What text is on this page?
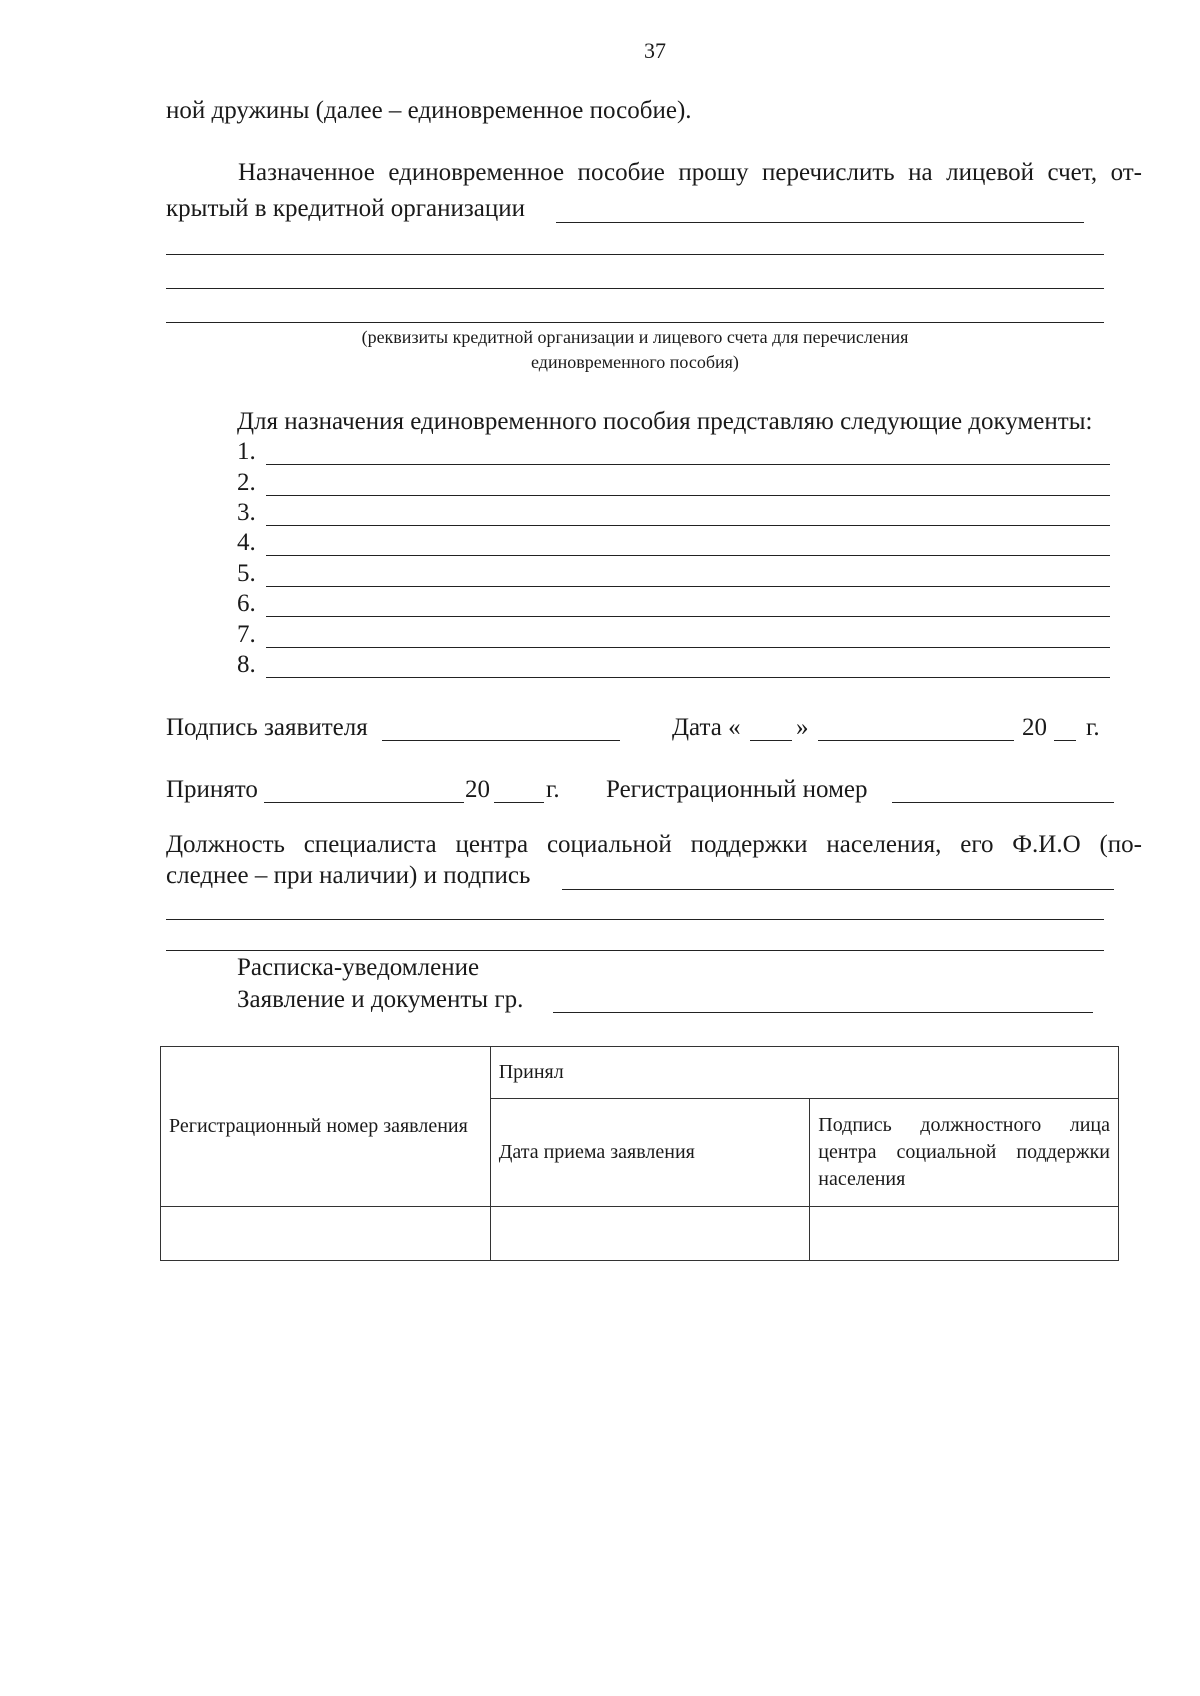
37
ной дружины (далее – единовременное пособие).
Назначенное единовременное пособие прошу перечислить на лицевой счет, от-
крытый в кредитной организации
(реквизиты кредитной организации и лицевого счета для перечисления
единовременного пособия)
Для назначения единовременного пособия представляю следующие документы:
1.
2.
3.
4.
5.
6.
7.
8.
Подпись заявителя	Дата « »	20 г.
Принято	20 г. Регистрационный номер
Должность специалиста центра социальной поддержки населения, его Ф.И.О (по-
следнее – при наличии) и подпись
Расписка-уведомление
Заявление и документы гр.
Регистрационный номер заявления	Принял	
	Дата приема заявления	Подпись должностного лица центра социальной поддержки населения
